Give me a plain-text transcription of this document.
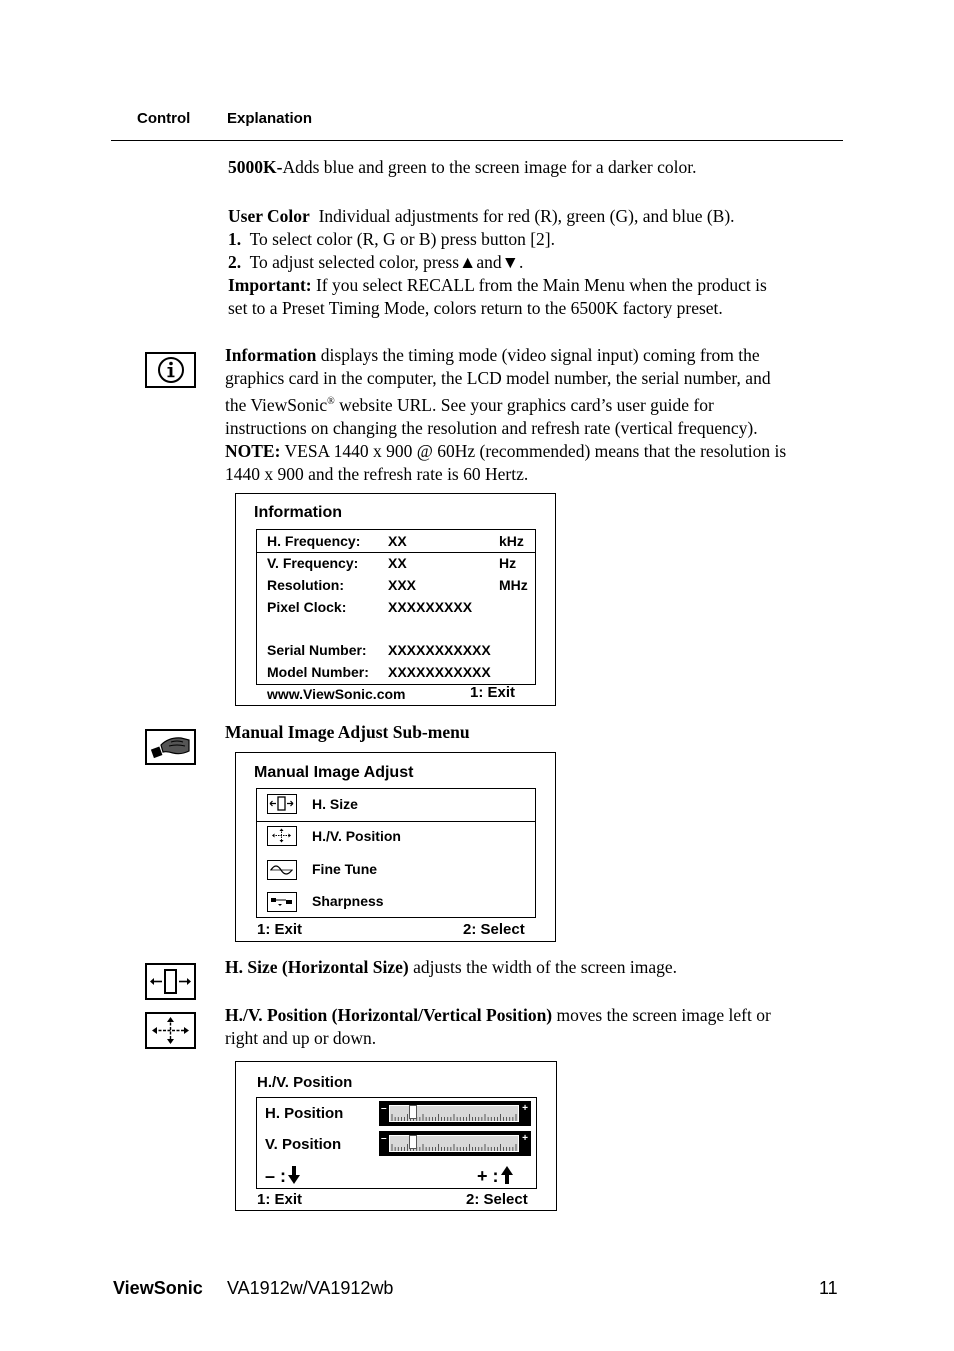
Control Explanation
5000K-Adds blue and green to the screen image for a darker color.
User Color Individual adjustments for red (R), green (G), and blue (B).
1. To select color (R, G or B) press button [2].
2. To adjust selected color, press▲and▼.
Important: If you select RECALL from the Main Menu when the product is
set to a Preset Timing Mode, colors return to the 6500K factory preset.
Information displays the timing mode (video signal input) coming from the
graphics card in the computer, the LCD model number, the serial number, and
the ViewSonic® website URL. See your graphics card’s user guide for
instructions on changing the resolution and refresh rate (vertical frequency).
NOTE: VESA 1440 x 900 @ 60Hz (recommended) means that the resolution is
1440 x 900 and the refresh rate is 60 Hertz.
Information
H. Frequency: XX	kHz
V. Frequency: XX	Hz
Resolution:	XXX	MHz
Pixel Clock:	XXXXXXXXX
Serial Number: XXXXXXXXXXX
Model Number: XXXXXXXXXXX
www.ViewSonic.com	1: Exit
Manual Image Adjust Sub-menu
Manual Image Adjust
H. Size
H./V. Position
Fine Tune
Sharpness
1: Exit	2: Select
H. Size (Horizontal Size) adjusts the width of the screen image.
H./V. Position (Horizontal/Vertical Position) moves the screen image left or
right and up or down.
H./V. Position
H. Position	–	+
V. Position	–	+
– :	+ :
1: Exit	2: Select
ViewSonic VA1912w/VA1912wb	11
